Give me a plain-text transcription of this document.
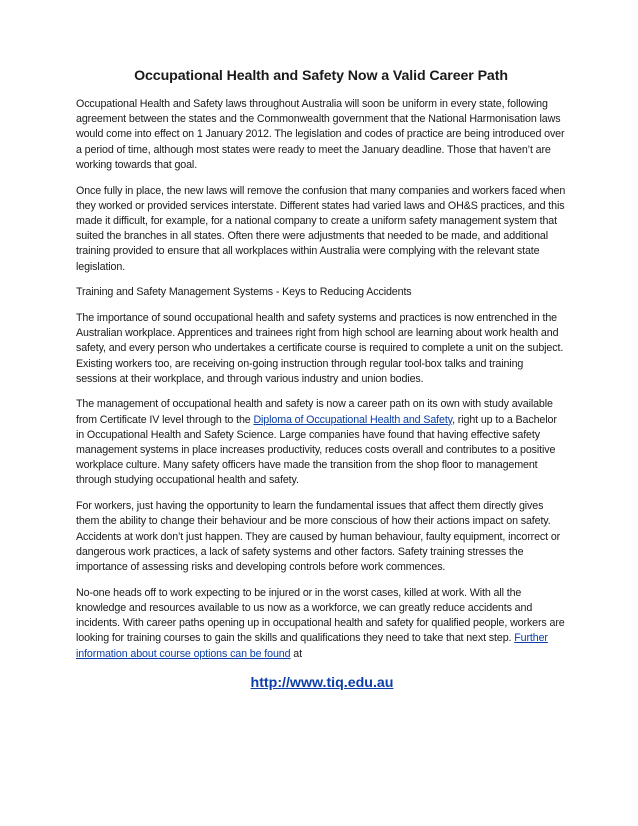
Occupational Health and Safety Now a Valid Career Path

Occupational Health and Safety laws throughout Australia will soon be uniform in every state, following agreement between the states and the Commonwealth government that the National Harmonisation laws would come into effect on 1 January 2012. The legislation and codes of practice are being introduced over a period of time, although most states were ready to meet the January deadline. Those that haven’t are working towards that goal.

Once fully in place, the new laws will remove the confusion that many companies and workers faced when they worked or provided services interstate. Different states had varied laws and OH&S practices, and this made it difficult, for example, for a national company to create a uniform safety management system that suited the branches in all states. Often there were adjustments that needed to be made, and additional training provided to ensure that all workplaces within Australia were complying with the relevant state legislation.

Training and Safety Management Systems - Keys to Reducing Accidents

The importance of sound occupational health and safety systems and practices is now entrenched in the Australian workplace. Apprentices and trainees right from high school are learning about work health and safety, and every person who undertakes a certificate course is required to complete a unit on the subject. Existing workers too, are receiving on-going instruction through regular tool-box talks and training sessions at their workplace, and through various industry and union bodies.

The management of occupational health and safety is now a career path on its own with study available from Certificate IV level through to the Diploma of Occupational Health and Safety, right up to a Bachelor in Occupational Health and Safety Science. Large companies have found that having effective safety management systems in place increases productivity, reduces costs overall and contributes to a positive workplace culture. Many safety officers have made the transition from the shop floor to management through studying occupational health and safety.

For workers, just having the opportunity to learn the fundamental issues that affect them directly gives them the ability to change their behaviour and be more conscious of how their actions impact on safety. Accidents at work don’t just happen. They are caused by human behaviour, faulty equipment, incorrect or dangerous work practices, a lack of safety systems and other factors. Safety training stresses the importance of assessing risks and developing controls before work commences.

No-one heads off to work expecting to be injured or in the worst cases, killed at work. With all the knowledge and resources available to us now as a workforce, we can greatly reduce accidents and incidents. With career paths opening up in occupational health and safety for qualified people, workers are looking for training courses to gain the skills and qualifications they need to take that next step. Further information about course options can be found at

http://www.tiq.edu.au
